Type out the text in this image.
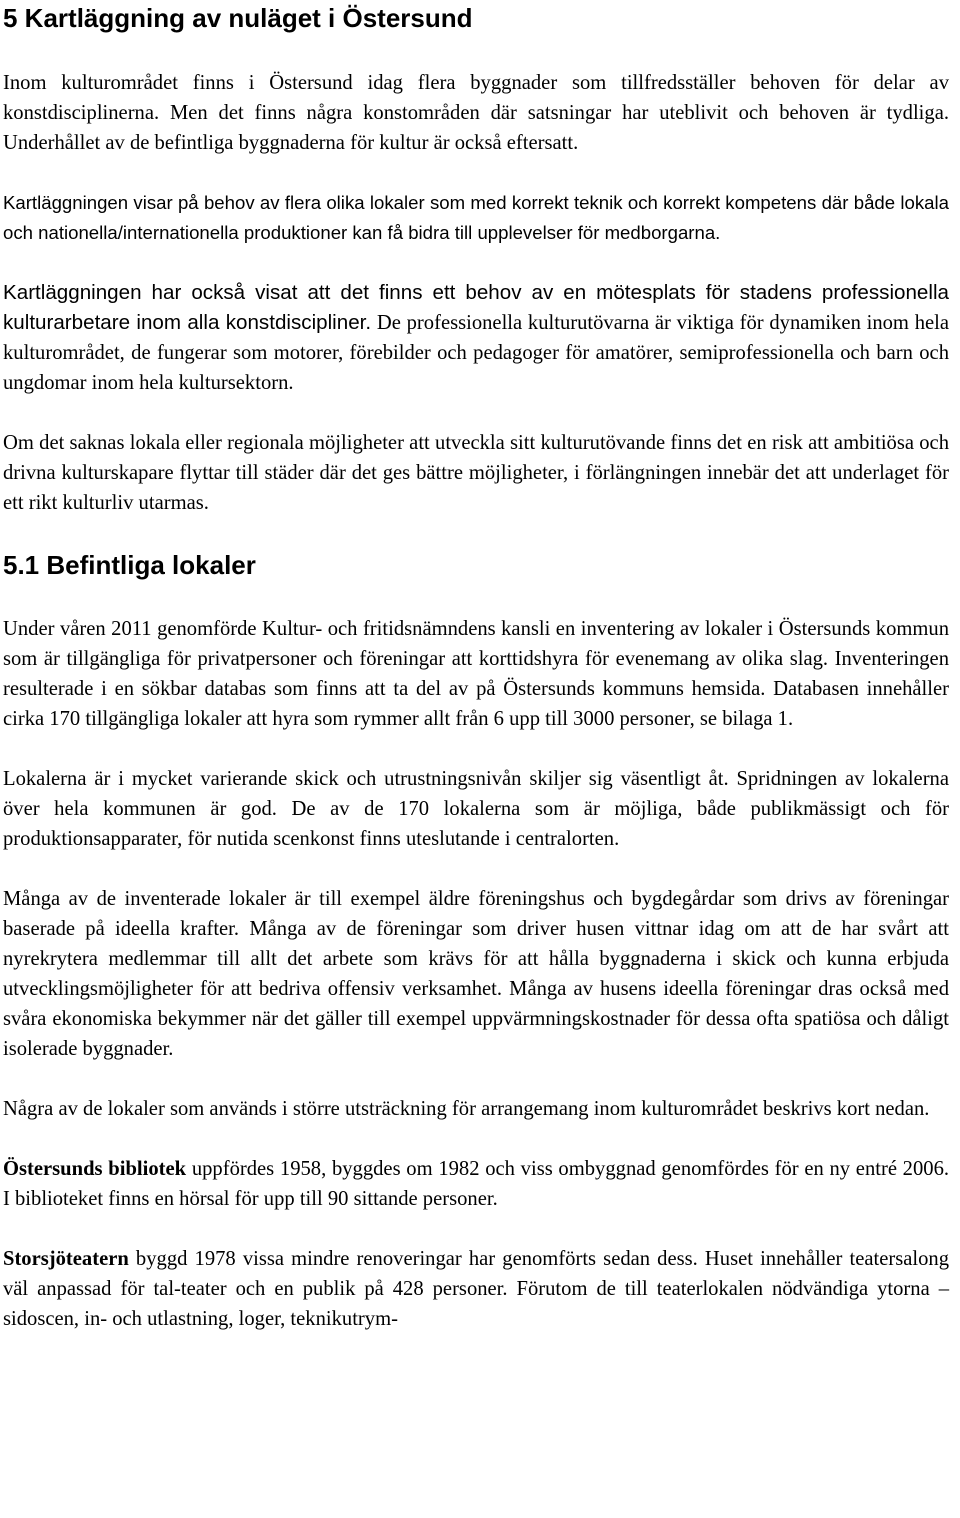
5 Kartläggning av nuläget i Östersund

Inom kulturområdet finns i Östersund idag flera byggnader som tillfredsställer behoven för delar av konstdisciplinerna. Men det finns några konstområden där satsningar har uteblivit och behoven är tydliga. Underhållet av de befintliga byggnaderna för kultur är också eftersatt.

Kartläggningen visar på behov av flera olika lokaler som med korrekt teknik och korrekt kompetens där både lokala och nationella/internationella produktioner kan få bidra till upplevelser för medborgarna.

Kartläggningen har också visat att det finns ett behov av en mötesplats för stadens professionella kulturarbetare inom alla konstdiscipliner. De professionella kulturutövarna är viktiga för dynamiken inom hela kulturområdet, de fungerar som motorer, förebilder och pedagoger för amatörer, semiprofessionella och barn och ungdomar inom hela kultursektorn.

Om det saknas lokala eller regionala möjligheter att utveckla sitt kulturutövande finns det en risk att ambitiösa och drivna kulturskapare flyttar till städer där det ges bättre möjligheter, i förlängningen innebär det att underlaget för ett rikt kulturliv utarmas.

5.1 Befintliga lokaler

Under våren 2011 genomförde Kultur- och fritidsnämndens kansli en inventering av lokaler i Östersunds kommun som är tillgängliga för privatpersoner och föreningar att korttidshyra för evenemang av olika slag. Inventeringen resulterade i en sökbar databas som finns att ta del av på Östersunds kommuns hemsida. Databasen innehåller cirka 170 tillgängliga lokaler att hyra som rymmer allt från 6 upp till 3000 personer, se bilaga 1.

Lokalerna är i mycket varierande skick och utrustningsnivån skiljer sig väsentligt åt. Spridningen av lokalerna över hela kommunen är god. De av de 170 lokalerna som är möjliga, både publikmässigt och för produktionsapparater, för nutida scenkonst finns uteslutande i centralorten.

Många av de inventerade lokaler är till exempel äldre föreningshus och bygdegårdar som drivs av föreningar baserade på ideella krafter. Många av de föreningar som driver husen vittnar idag om att de har svårt att nyrekrytera medlemmar till allt det arbete som krävs för att hålla byggnaderna i skick och kunna erbjuda utvecklingsmöjligheter för att bedriva offensiv verksamhet. Många av husens ideella föreningar dras också med svåra ekonomiska bekymmer när det gäller till exempel uppvärmningskostnader för dessa ofta spatiösa och dåligt isolerade byggnader.

Några av de lokaler som används i större utsträckning för arrangemang inom kulturområdet beskrivs kort nedan.

Östersunds bibliotek uppfördes 1958, byggdes om 1982 och viss ombyggnad genomfördes för en ny entré 2006. I biblioteket finns en hörsal för upp till 90 sittande personer.

Storsjöteatern byggd 1978 vissa mindre renoveringar har genomförts sedan dess. Huset innehåller teatersalong väl anpassad för tal-teater och en publik på 428 personer. Förutom de till teaterlokalen nödvändiga ytorna – sidoscen, in- och utlastning, loger, teknikutrym-
